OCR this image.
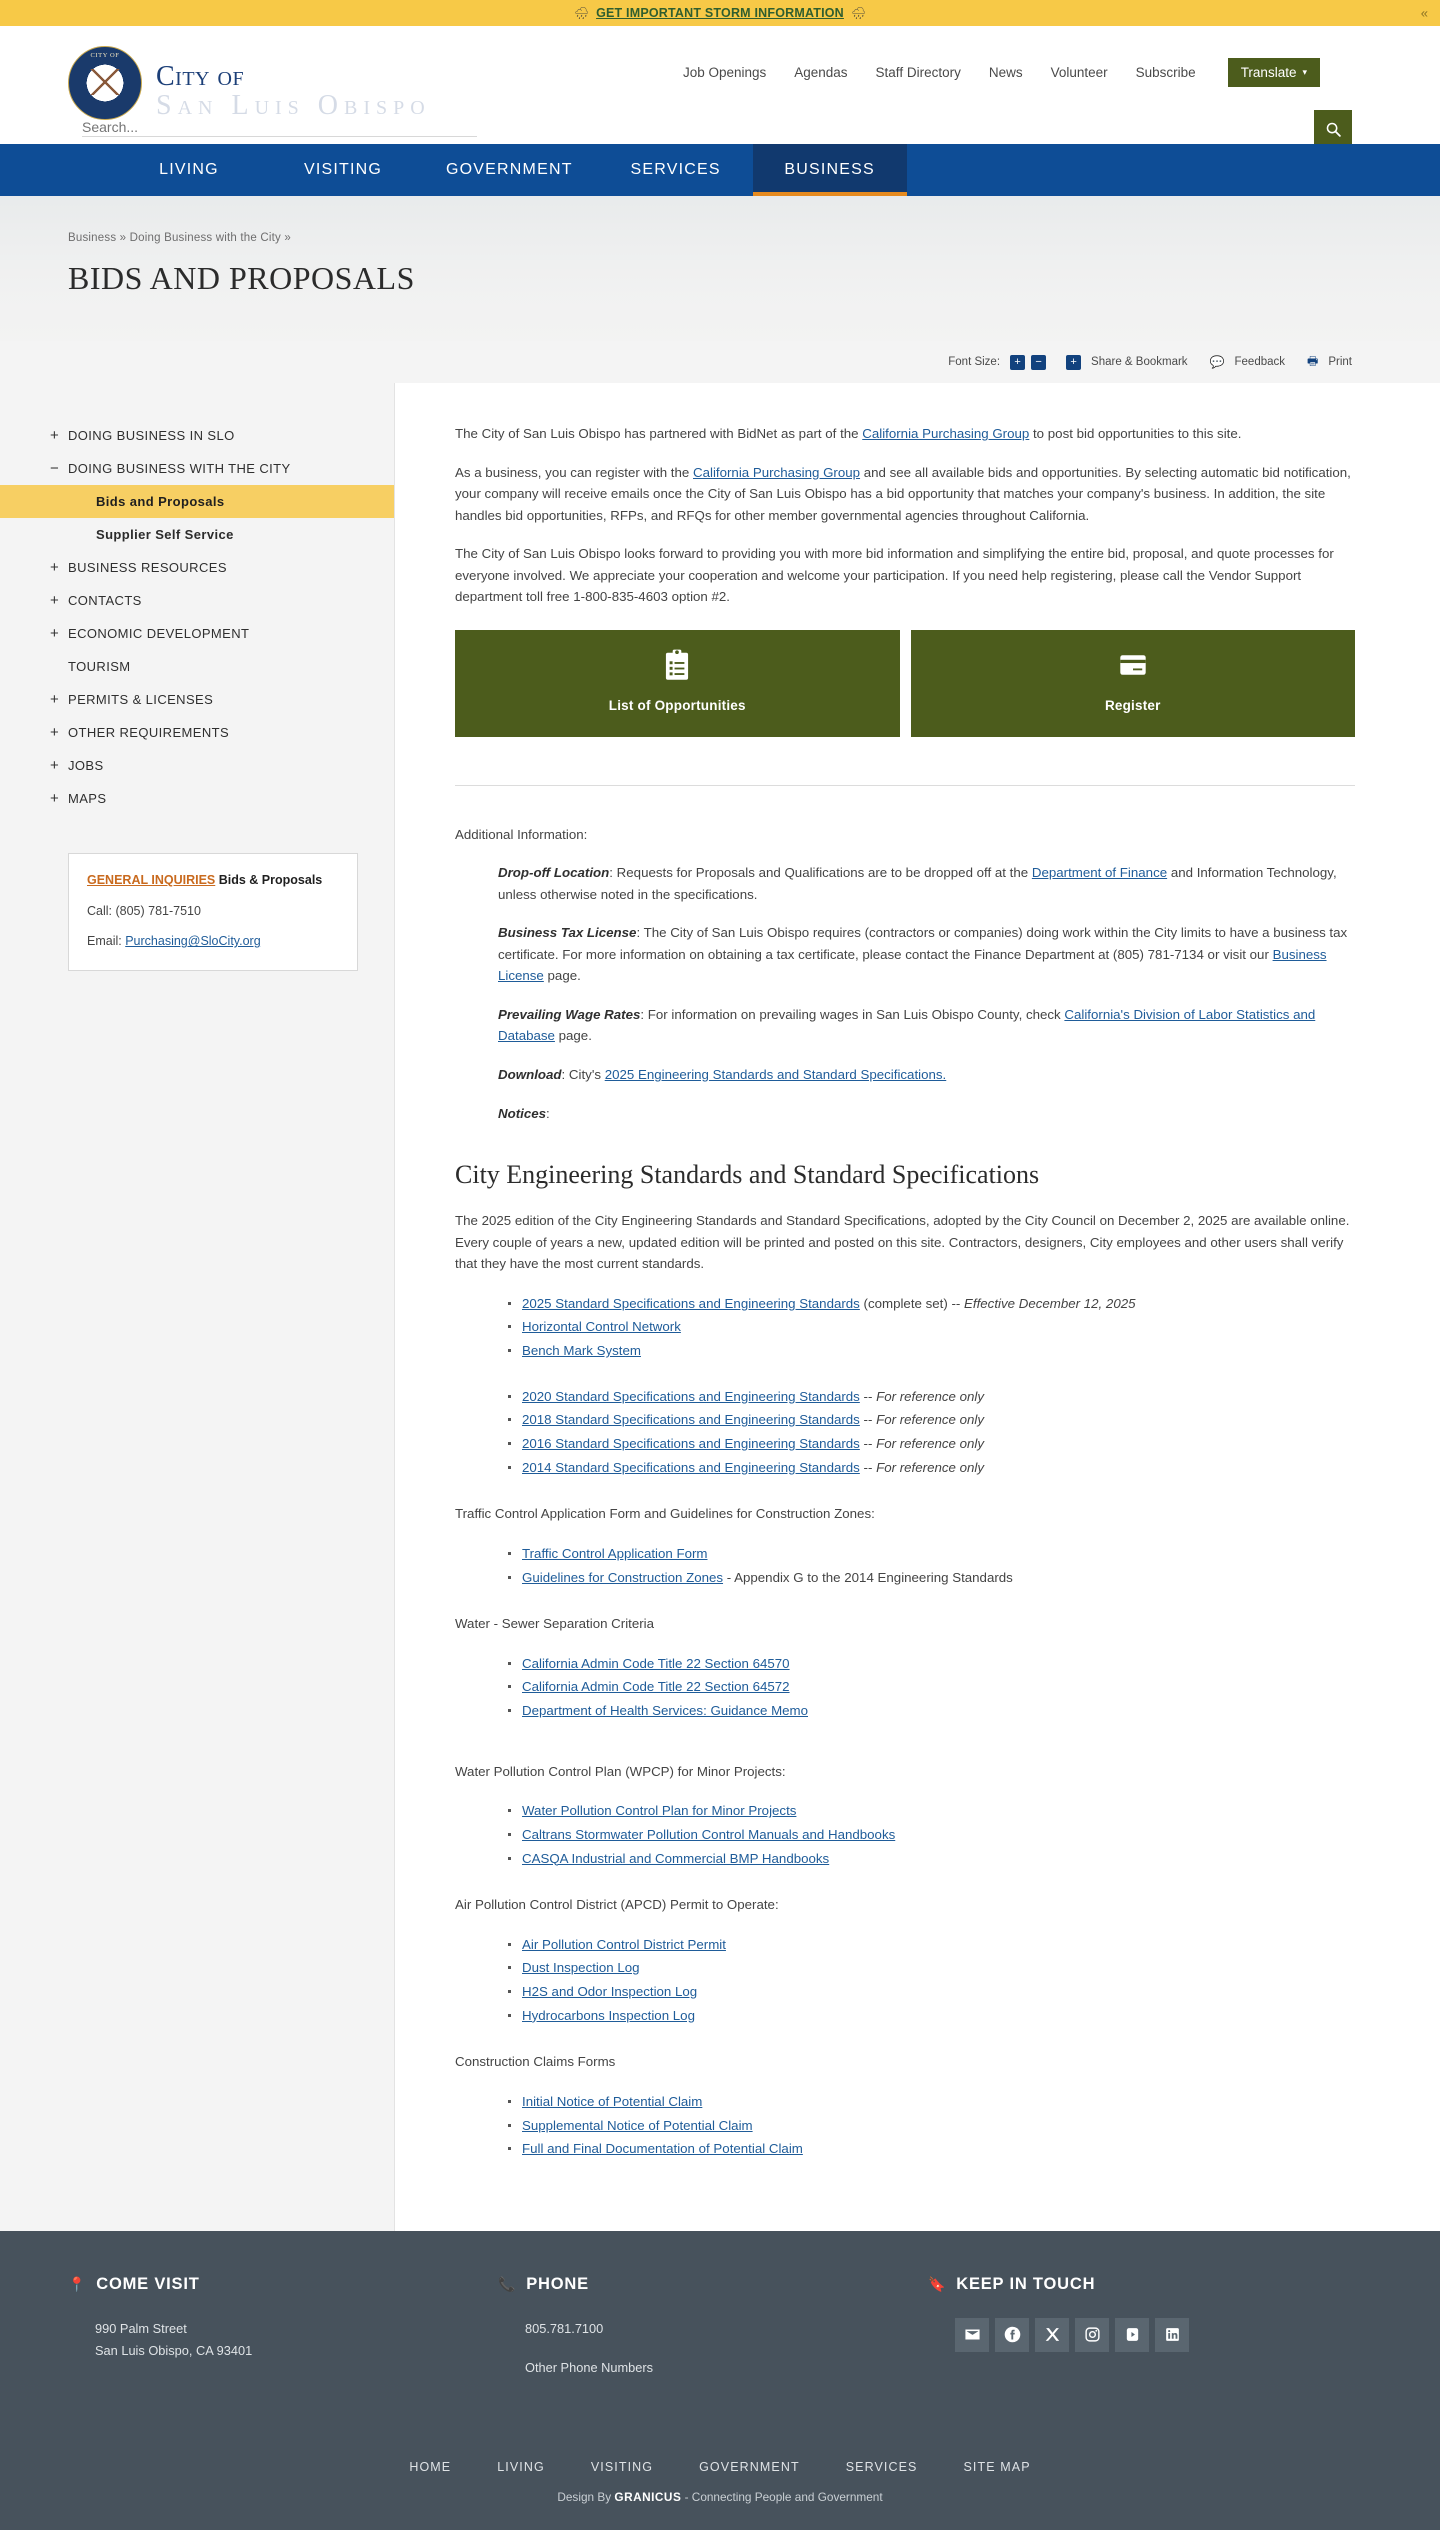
🌧 GET IMPORTANT STORM INFORMATION 🌧	«
CITY OF
City of
San Luis Obispo
Search...
Job Openings Agendas Staff Directory News Volunteer Subscribe	Translate ▾
LIVING	VISITING	GOVERNMENT	SERVICES	BUSINESS
Business » Doing Business with the City »
BIDS AND PROPOSALS
Font Size:	+	−	+	Share & Bookmark 💬 Feedback 🖶 Print
+ DOING BUSINESS IN SLO
− DOING BUSINESS WITH THE CITY
Bids and Proposals
Supplier Self Service
+ BUSINESS RESOURCES
+ CONTACTS
+ ECONOMIC DEVELOPMENT
TOURISM
+ PERMITS & LICENSES
+ OTHER REQUIREMENTS
+ JOBS
+ MAPS
GENERAL INQUIRIES Bids & Proposals
Call: (805) 781-7510
Email: Purchasing@SloCity.org

The City of San Luis Obispo has partnered with BidNet as part of the California Purchasing Group to post bid opportunities to this site.

As a business, you can register with the California Purchasing Group and see all available bids and opportunities. By selecting automatic bid notification, your company will receive emails once the City of San Luis Obispo has a bid opportunity that matches your company's business. In addition, the site handles bid opportunities, RFPs, and RFQs for other member governmental agencies throughout California.

The City of San Luis Obispo looks forward to providing you with more bid information and simplifying the entire bid, proposal, and quote processes for everyone involved. We appreciate your cooperation and welcome your participation. If you need help registering, please call the Vendor Support department toll free 1-800-835-4603 option #2.

List of Opportunities	Register

Additional Information:

Drop-off Location: Requests for Proposals and Qualifications are to be dropped off at the Department of Finance and Information Technology, unless otherwise noted in the specifications.

Business Tax License: The City of San Luis Obispo requires (contractors or companies) doing work within the City limits to have a business tax certificate. For more information on obtaining a tax certificate, please contact the Finance Department at (805) 781-7134 or visit our Business License page.

Prevailing Wage Rates: For information on prevailing wages in San Luis Obispo County, check California's Division of Labor Statistics and Database page.

Download: City's 2025 Engineering Standards and Standard Specifications.

Notices:

City Engineering Standards and Standard Specifications

The 2025 edition of the City Engineering Standards and Standard Specifications, adopted by the City Council on December 2, 2025 are available online. Every couple of years a new, updated edition will be printed and posted on this site. Contractors, designers, City employees and other users shall verify that they have the most current standards.

2025 Standard Specifications and Engineering Standards (complete set) -- Effective December 12, 2025
Horizontal Control Network
Bench Mark System
2020 Standard Specifications and Engineering Standards -- For reference only
2018 Standard Specifications and Engineering Standards -- For reference only
2016 Standard Specifications and Engineering Standards -- For reference only
2014 Standard Specifications and Engineering Standards -- For reference only

Traffic Control Application Form and Guidelines for Construction Zones:

Traffic Control Application Form
Guidelines for Construction Zones - Appendix G to the 2014 Engineering Standards

Water - Sewer Separation Criteria

California Admin Code Title 22 Section 64570
California Admin Code Title 22 Section 64572
Department of Health Services: Guidance Memo

Water Pollution Control Plan (WPCP) for Minor Projects:

Water Pollution Control Plan for Minor Projects
Caltrans Stormwater Pollution Control Manuals and Handbooks
CASQA Industrial and Commercial BMP Handbooks

Air Pollution Control District (APCD) Permit to Operate:

Air Pollution Control District Permit
Dust Inspection Log
H2S and Odor Inspection Log
Hydrocarbons Inspection Log

Construction Claims Forms

Initial Notice of Potential Claim
Supplemental Notice of Potential Claim
Full and Final Documentation of Potential Claim
📍 COME VISIT
990 Palm Street
San Luis Obispo, CA 93401
📞 PHONE
805.781.7100
Other Phone Numbers
🔖 KEEP IN TOUCH
HOME	LIVING	VISITING	GOVERNMENT	SERVICES	SITE MAP
Design By GRANICUS - Connecting People and Government
